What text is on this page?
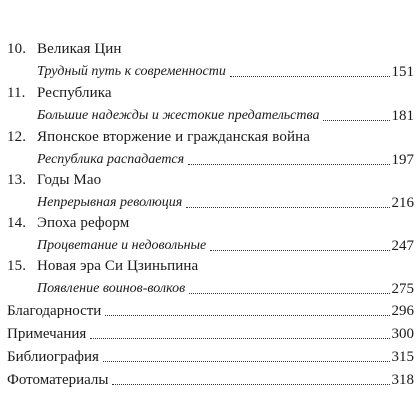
10. Великая Цин
Трудный путь к современности	151
11. Республика
Большие надежды и жестокие предательства	181
12. Японское вторжение и гражданская война
Республика распадается	197
13. Годы Мао
Непрерывная революция	216
14. Эпоха реформ
Процветание и недовольные	247
15. Новая эра Си Цзиньпина
Появление воинов-волков	275
Благодарности	296
Примечания	300
Библиография	315
Фотоматериалы	318
